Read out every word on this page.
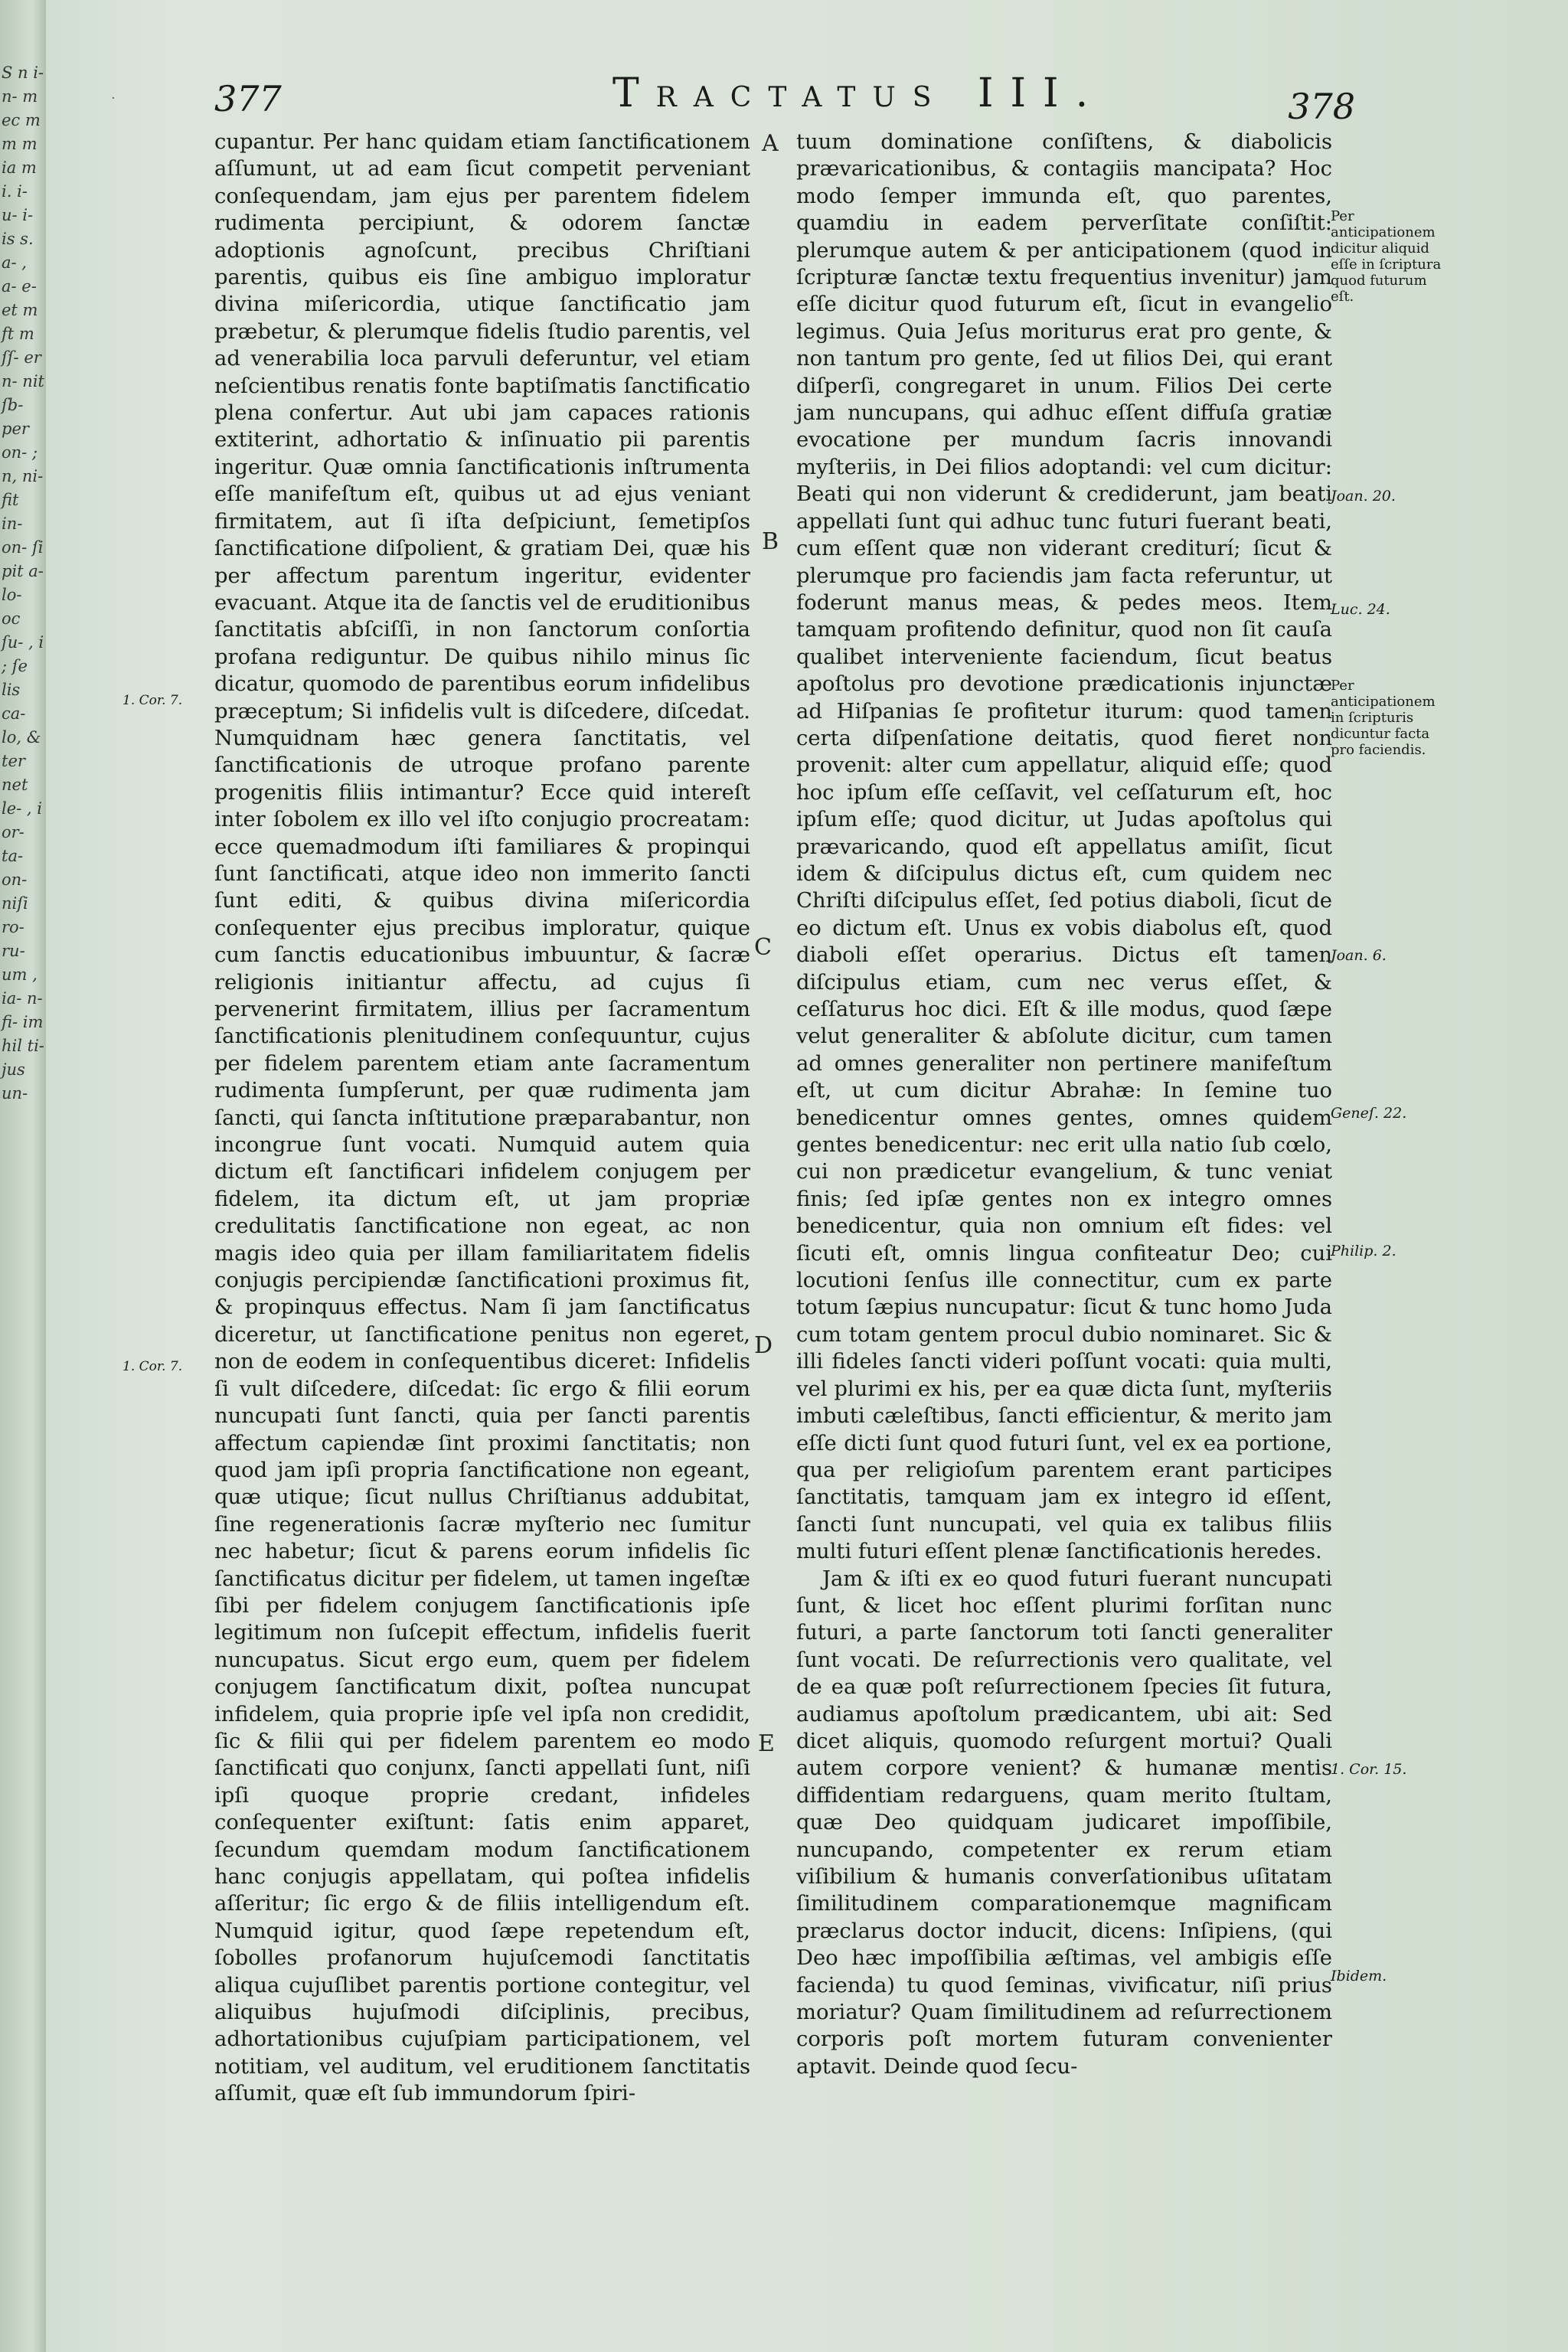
S n i- n- m ec m m m ia m i. i- u- i- is s. a- , a- e- et m ft m ſſ- er n- nit ſb- per on- ; n, ni- fit in- on- ſi pit a- lo- oc ſu- , i ; ſe lis ca- lo, & ter net le- , i or- ta- on- niſi ro- ru- um , ia- n- fi- im hil ti- jus un-
·	377	Tractatus III.	378

cupantur. Per hanc quidam etiam ſanctificationem aſſumunt, ut ad eam ſicut competit perveniant conſequendam, jam ejus per parentem fidelem rudimenta percipiunt, & odorem ſanctæ adoptionis agnoſcunt, precibus Chriſtiani parentis, quibus eis ſine ambiguo imploratur divina miſericordia, utique ſanctificatio jam præbetur, & plerumque fidelis ſtudio parentis, vel ad venerabilia loca parvuli deferuntur, vel etiam neſcientibus renatis fonte baptiſmatis ſanctificatio plena confertur. Aut ubi jam capaces rationis extiterint, adhortatio & inſinuatio pii parentis ingeritur. Quæ omnia ſanctificationis inſtrumenta eſſe manifeſtum eſt, quibus ut ad ejus veniant firmitatem, aut ſi iſta deſpiciunt, ſemetipſos ſanctificatione diſpolient, & gratiam Dei, quæ his per affectum parentum ingeritur, evidenter evacuant. Atque ita de ſanctis vel de eruditionibus ſanctitatis abſciſſi, in non ſanctorum conſortia profana rediguntur. De quibus nihilo minus ſic dicatur, quomodo de parentibus eorum infidelibus præceptum; Si infidelis vult is diſcedere, diſcedat. Numquidnam hæc genera ſanctitatis, vel ſanctificationis de utroque profano parente progenitis filiis intimantur? Ecce quid intereſt inter ſobolem ex illo vel iſto conjugio procreatam: ecce quemadmodum iſti familiares & propinqui ſunt ſanctificati, atque ideo non immerito ſancti ſunt editi, & quibus divina miſericordia conſequenter ejus precibus imploratur, quique cum ſanctis educationibus imbuuntur, & ſacræ religionis initiantur affectu, ad cujus ſi pervenerint firmitatem, illius per ſacramentum ſanctificationis plenitudinem conſequuntur, cujus per fidelem parentem etiam ante ſacramentum rudimenta ſumpſerunt, per quæ rudimenta jam ſancti, qui ſancta inſtitutione præparabantur, non incongrue ſunt vocati. Numquid autem quia dictum eſt ſanctificari infidelem conjugem per fidelem, ita dictum eſt, ut jam propriæ credulitatis ſanctificatione non egeat, ac non magis ideo quia per illam familiaritatem fidelis conjugis percipiendæ ſanctificationi proximus fit, & propinquus effectus. Nam ſi jam ſanctificatus diceretur, ut ſanctificatione penitus non egeret, non de eodem in conſequentibus diceret: Infidelis ſi vult diſcedere, diſcedat: ſic ergo & filii eorum nuncupati ſunt ſancti, quia per ſancti parentis affectum capiendæ ſint proximi ſanctitatis; non quod jam ipſi propria ſanctificatione non egeant, quæ utique; ſicut nullus Chriſtianus addubitat, ſine regenerationis ſacræ myſterio nec ſumitur nec habetur; ſicut & parens eorum infidelis ſic ſanctificatus dicitur per fidelem, ut tamen ingeſtæ ſibi per fidelem conjugem ſanctificationis ipſe legitimum non ſuſcepit effectum, infidelis fuerit nuncupatus. Sicut ergo eum, quem per fidelem conjugem ſanctificatum dixit, poſtea nuncupat infidelem, quia proprie ipſe vel ipſa non credidit, ſic & filii qui per fidelem parentem eo modo ſanctificati quo conjunx, ſancti appellati ſunt, niſi ipſi quoque proprie credant, infideles conſequenter exiſtunt: ſatis enim apparet, ſecundum quemdam modum ſanctificationem hanc conjugis appellatam, qui poſtea infidelis aſſeritur; ſic ergo & de filiis intelligendum eſt. Numquid igitur, quod ſæpe repetendum eſt, ſobolles profanorum hujuſcemodi ſanctitatis aliqua cujuſlibet parentis portione contegitur, vel aliquibus hujuſmodi diſciplinis, precibus, adhortationibus cujuſpiam participationem, vel notitiam, vel auditum, vel eruditionem ſanctitatis aſſumit, quæ eſt ſub immundorum ſpiri-

tuum dominatione conſiſtens, & diabolicis prævaricationibus, & contagiis mancipata? Hoc modo ſemper immunda eſt, quo parentes, quamdiu in eadem perverſitate conſiſtit: plerumque autem & per anticipationem (quod in ſcripturæ ſanctæ textu frequentius invenitur) jam eſſe dicitur quod futurum eſt, ſicut in evangelio legimus. Quia Jeſus moriturus erat pro gente, & non tantum pro gente, ſed ut filios Dei, qui erant diſperſi, congregaret in unum. Filios Dei certe jam nuncupans, qui adhuc eſſent diffuſa gratiæ evocatione per mundum ſacris innovandi myſteriis, in Dei filios adoptandi: vel cum dicitur: Beati qui non viderunt & crediderunt, jam beati appellati ſunt qui adhuc tunc futuri fuerant beati, cum eſſent quæ non viderant crediturí; ſicut & plerumque pro faciendis jam facta referuntur, ut foderunt manus meas, & pedes meos. Item tamquam profitendo definitur, quod non ſit cauſa qualibet interveniente faciendum, ſicut beatus apoſtolus pro devotione prædicationis injunctæ ad Hiſpanias ſe profitetur iturum: quod tamen certa diſpenſatione deitatis, quod fieret non provenit: alter cum appellatur, aliquid eſſe; quod hoc ipſum eſſe ceſſavit, vel ceſſaturum eſt, hoc ipſum eſſe; quod dicitur, ut Judas apoſtolus qui prævaricando, quod eſt appellatus amiſit, ſicut idem & diſcipulus dictus eſt, cum quidem nec Chriſti diſcipulus eſſet, ſed potius diaboli, ſicut de eo dictum eſt. Unus ex vobis diabolus eſt, quod diaboli eſſet operarius. Dictus eſt tamen diſcipulus etiam, cum nec verus eſſet, & ceſſaturus hoc dici. Eſt & ille modus, quod ſæpe velut generaliter & abſolute dicitur, cum tamen ad omnes generaliter non pertinere manifeſtum eſt, ut cum dicitur Abrahæ: In ſemine tuo benedicentur omnes gentes, omnes quidem gentes benedicentur: nec erit ulla natio ſub cœlo, cui non prædicetur evangelium, & tunc veniat finis; ſed ipſæ gentes non ex integro omnes benedicentur, quia non omnium eſt fides: vel ſicuti eſt, omnis lingua confiteatur Deo; cui locutioni ſenſus ille connectitur, cum ex parte totum ſæpius nuncupatur: ſicut & tunc homo Juda cum totam gentem procul dubio nominaret. Sic & illi fideles ſancti videri poſſunt vocati: quia multi, vel plurimi ex his, per ea quæ dicta ſunt, myſteriis imbuti cæleſtibus, ſancti efficientur, & merito jam eſſe dicti ſunt quod futuri ſunt, vel ex ea portione, qua per religioſum parentem erant participes ſanctitatis, tamquam jam ex integro id eſſent, ſancti ſunt nuncupati, vel quia ex talibus filiis multi futuri eſſent plenæ ſanctificationis heredes.

Jam & iſti ex eo quod futuri fuerant nuncupati ſunt, & licet hoc eſſent plurimi forſitan nunc futuri, a parte ſanctorum toti ſancti generaliter ſunt vocati. De reſurrectionis vero qualitate, vel de ea quæ poſt reſurrectionem ſpecies ſit futura, audiamus apoſtolum prædicantem, ubi ait: Sed dicet aliquis, quomodo reſurgent mortui? Quali autem corpore venient? & humanæ mentis diffidentiam redarguens, quam merito ſtultam, quæ Deo quidquam judicaret impoſſibile, nuncupando, competenter ex rerum etiam viſibilium & humanis converſationibus uſitatam ſimilitudinem comparationemque magnificam præclarus doctor inducit, dicens: Inſipiens, (qui Deo hæc impoſſibilia æſtimas, vel ambigis eſſe facienda) tu quod ſeminas, vivificatur, niſi prius moriatur? Quam ſimilitudinem ad reſurrectionem corporis poſt mortem futuram convenienter aptavit. Deinde quod ſecu-

A
B
C
D
E
1. Cor. 7.
1. Cor. 7.
Per anticipationem dicitur aliquid eſſe in ſcriptura quod futurum eſt.
Joan. 20.
Luc. 24.
Per anticipationem in ſcripturis dicuntur facta pro faciendis.
Joan. 6.
Geneſ. 22.
Philip. 2.
1. Cor. 15.
Ibidem.
